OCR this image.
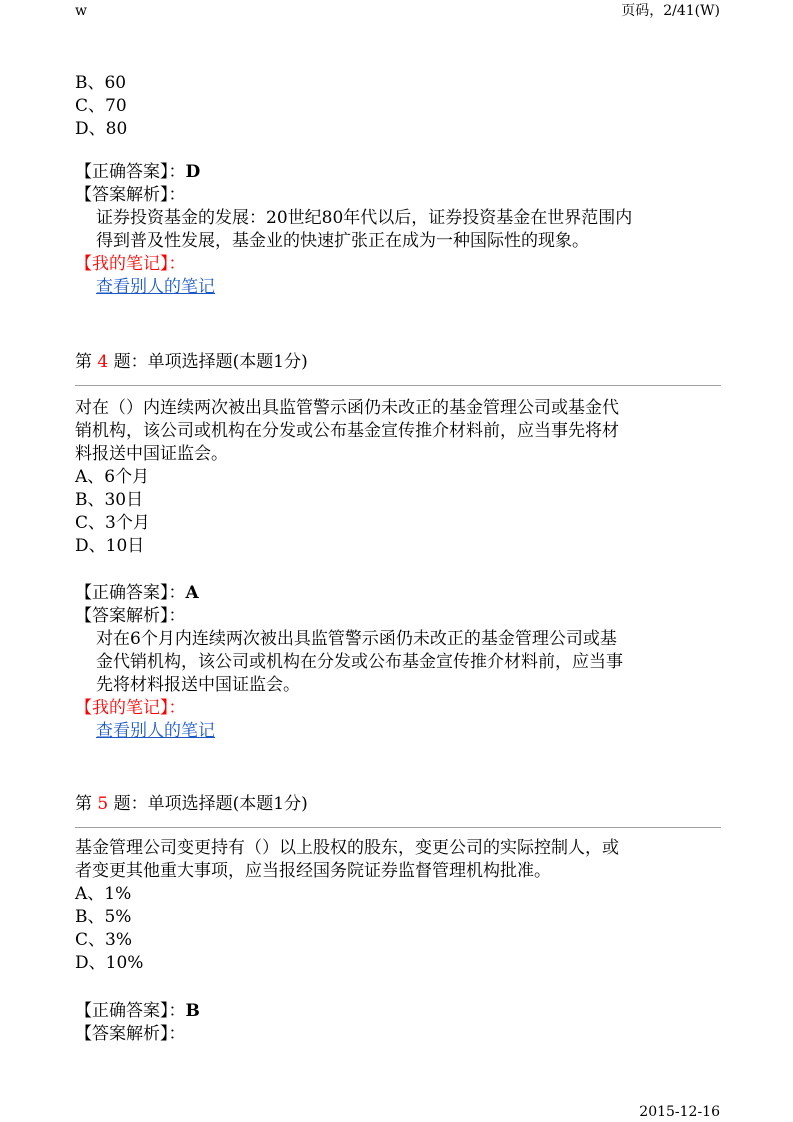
w	页码，2/41(W)
B、60
C、70
D、80
【正确答案】：D
【答案解析】：
证券投资基金的发展：20世纪80年代以后，证券投资基金在世界范围内
得到普及性发展，基金业的快速扩张正在成为一种国际性的现象。
【我的笔记】：
查看别人的笔记
第 4 题：单项选择题(本题1分)
对在（）内连续两次被出具监管警示函仍未改正的基金管理公司或基金代
销机构，该公司或机构在分发或公布基金宣传推介材料前，应当事先将材
料报送中国证监会。
A、6个月
B、30日
C、3个月
D、10日
【正确答案】：A
【答案解析】：
对在6个月内连续两次被出具监管警示函仍未改正的基金管理公司或基
金代销机构，该公司或机构在分发或公布基金宣传推介材料前，应当事
先将材料报送中国证监会。
【我的笔记】：
查看别人的笔记
第 5 题：单项选择题(本题1分)
基金管理公司变更持有（）以上股权的股东，变更公司的实际控制人，或
者变更其他重大事项，应当报经国务院证券监督管理机构批准。
A、1%
B、5%
C、3%
D、10%
【正确答案】：B
【答案解析】：
2015-12-16
